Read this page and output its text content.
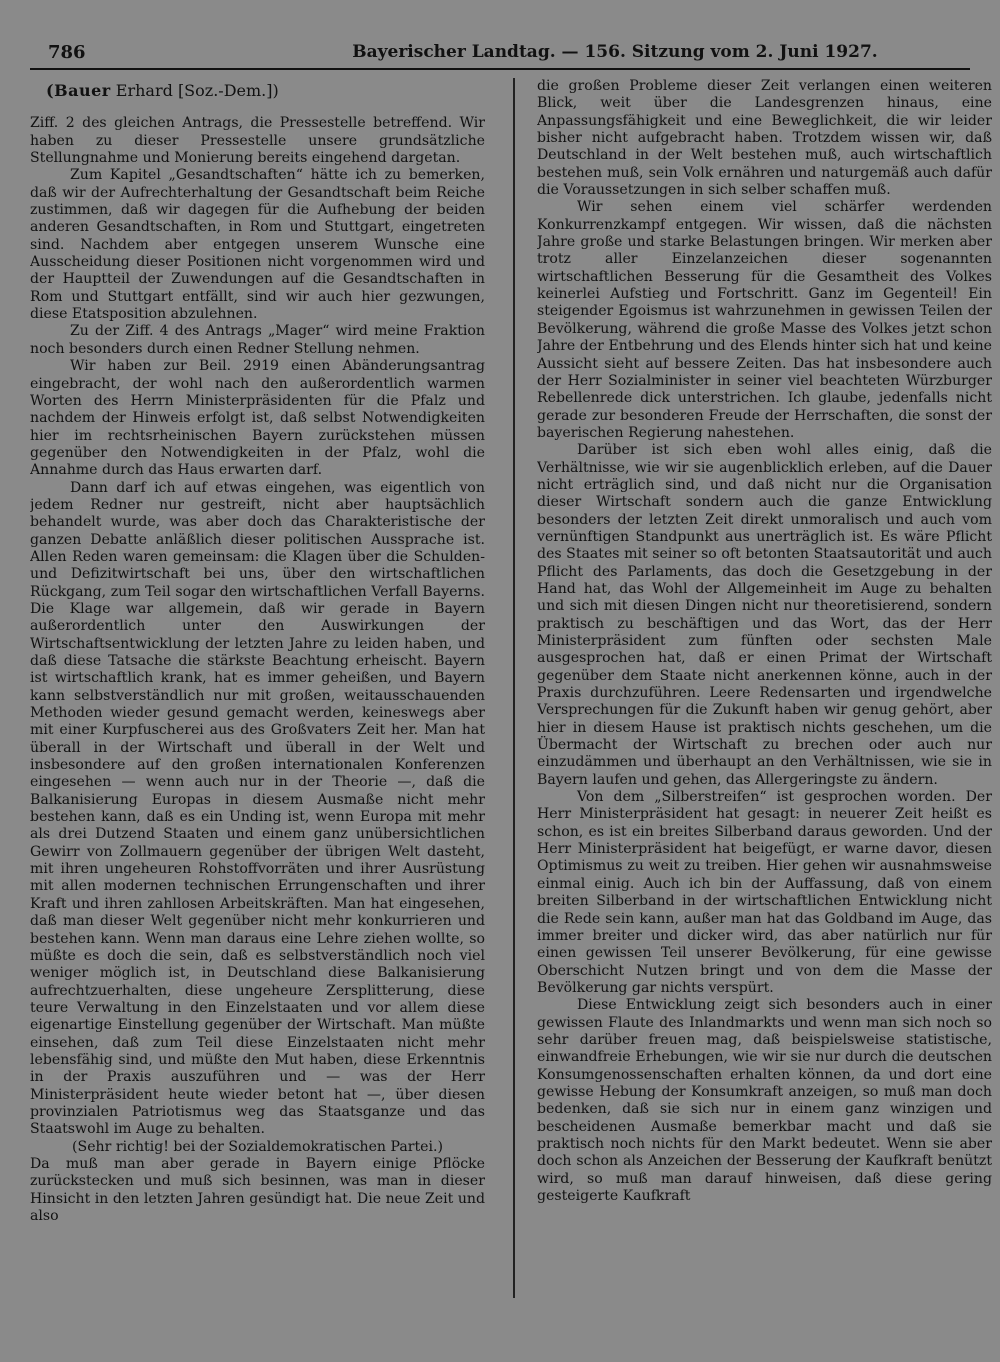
786	Bayerischer Landtag. — 156. Sitzung vom 2. Juni 1927.

(Bauer Erhard [Soz.-Dem.])

Ziff. 2 des gleichen Antrags, die Pressestelle betreffend. Wir haben zu dieser Pressestelle unsere grundsätzliche Stellungnahme und Monierung bereits eingehend dargetan.

Zum Kapitel „Gesandtschaften“ hätte ich zu bemerken, daß wir der Aufrechterhaltung der Gesandtschaft beim Reiche zustimmen, daß wir dagegen für die Aufhebung der beiden anderen Gesandtschaften, in Rom und Stuttgart, eingetreten sind. Nachdem aber entgegen unserem Wunsche eine Ausscheidung dieser Positionen nicht vorgenommen wird und der Hauptteil der Zuwendungen auf die Gesandtschaften in Rom und Stuttgart entfällt, sind wir auch hier gezwungen, diese Etatsposition abzulehnen.

Zu der Ziff. 4 des Antrags „Mager“ wird meine Fraktion noch besonders durch einen Redner Stellung nehmen.

Wir haben zur Beil. 2919 einen Abänderungsantrag eingebracht, der wohl nach den außerordentlich warmen Worten des Herrn Ministerpräsidenten für die Pfalz und nachdem der Hinweis erfolgt ist, daß selbst Notwendigkeiten hier im rechtsrheinischen Bayern zurückstehen müssen gegenüber den Notwendigkeiten in der Pfalz, wohl die Annahme durch das Haus erwarten darf.

Dann darf ich auf etwas eingehen, was eigentlich von jedem Redner nur gestreift, nicht aber hauptsächlich behandelt wurde, was aber doch das Charakteristische der ganzen Debatte anläßlich dieser politischen Aussprache ist. Allen Reden waren gemeinsam: die Klagen über die Schulden- und Defizitwirtschaft bei uns, über den wirtschaftlichen Rückgang, zum Teil sogar den wirtschaftlichen Verfall Bayerns. Die Klage war allgemein, daß wir gerade in Bayern außerordentlich unter den Auswirkungen der Wirtschaftsentwicklung der letzten Jahre zu leiden haben, und daß diese Tatsache die stärkste Beachtung erheischt. Bayern ist wirtschaftlich krank, hat es immer geheißen, und Bayern kann selbstverständlich nur mit großen, weitausschauenden Methoden wieder gesund gemacht werden, keineswegs aber mit einer Kurpfuscherei aus des Großvaters Zeit her. Man hat überall in der Wirtschaft und überall in der Welt und insbesondere auf den großen internationalen Konferenzen eingesehen — wenn auch nur in der Theorie —, daß die Balkanisierung Europas in diesem Ausmaße nicht mehr bestehen kann, daß es ein Unding ist, wenn Europa mit mehr als drei Dutzend Staaten und einem ganz unübersichtlichen Gewirr von Zollmauern gegenüber der übrigen Welt dasteht, mit ihren ungeheuren Rohstoffvorräten und ihrer Ausrüstung mit allen modernen technischen Errungenschaften und ihrer Kraft und ihren zahllosen Arbeitskräften. Man hat eingesehen, daß man dieser Welt gegenüber nicht mehr konkurrieren und bestehen kann. Wenn man daraus eine Lehre ziehen wollte, so müßte es doch die sein, daß es selbstverständlich noch viel weniger möglich ist, in Deutschland diese Balkanisierung aufrechtzuerhalten, diese ungeheure Zersplitterung, diese teure Verwaltung in den Einzelstaaten und vor allem diese eigenartige Einstellung gegenüber der Wirtschaft. Man müßte einsehen, daß zum Teil diese Einzelstaaten nicht mehr lebensfähig sind, und müßte den Mut haben, diese Erkenntnis in der Praxis auszuführen und — was der Herr Ministerpräsident heute wieder betont hat —, über diesen provinzialen Patriotismus weg das Staatsganze und das Staatswohl im Auge zu behalten.

(Sehr richtig! bei der Sozialdemokratischen Partei.)

Da muß man aber gerade in Bayern einige Pflöcke zurückstecken und muß sich besinnen, was man in dieser Hinsicht in den letzten Jahren gesündigt hat. Die neue Zeit und also

die großen Probleme dieser Zeit verlangen einen weiteren Blick, weit über die Landesgrenzen hinaus, eine Anpassungsfähigkeit und eine Beweglichkeit, die wir leider bisher nicht aufgebracht haben. Trotzdem wissen wir, daß Deutschland in der Welt bestehen muß, auch wirtschaftlich bestehen muß, sein Volk ernähren und naturgemäß auch dafür die Voraussetzungen in sich selber schaffen muß.

Wir sehen einem viel schärfer werdenden Konkurrenzkampf entgegen. Wir wissen, daß die nächsten Jahre große und starke Belastungen bringen. Wir merken aber trotz aller Einzelanzeichen dieser sogenannten wirtschaftlichen Besserung für die Gesamtheit des Volkes keinerlei Aufstieg und Fortschritt. Ganz im Gegenteil! Ein steigender Egoismus ist wahrzunehmen in gewissen Teilen der Bevölkerung, während die große Masse des Volkes jetzt schon Jahre der Entbehrung und des Elends hinter sich hat und keine Aussicht sieht auf bessere Zeiten. Das hat insbesondere auch der Herr Sozialminister in seiner viel beachteten Würzburger Rebellenrede dick unterstrichen. Ich glaube, jedenfalls nicht gerade zur besonderen Freude der Herrschaften, die sonst der bayerischen Regierung nahestehen.

Darüber ist sich eben wohl alles einig, daß die Verhältnisse, wie wir sie augenblicklich erleben, auf die Dauer nicht erträglich sind, und daß nicht nur die Organisation dieser Wirtschaft sondern auch die ganze Entwicklung besonders der letzten Zeit direkt unmoralisch und auch vom vernünftigen Standpunkt aus unerträglich ist. Es wäre Pflicht des Staates mit seiner so oft betonten Staatsautorität und auch Pflicht des Parlaments, das doch die Gesetzgebung in der Hand hat, das Wohl der Allgemeinheit im Auge zu behalten und sich mit diesen Dingen nicht nur theoretisierend, sondern praktisch zu beschäftigen und das Wort, das der Herr Ministerpräsident zum fünften oder sechsten Male ausgesprochen hat, daß er einen Primat der Wirtschaft gegenüber dem Staate nicht anerkennen könne, auch in der Praxis durchzuführen. Leere Redensarten und irgendwelche Versprechungen für die Zukunft haben wir genug gehört, aber hier in diesem Hause ist praktisch nichts geschehen, um die Übermacht der Wirtschaft zu brechen oder auch nur einzudämmen und überhaupt an den Verhältnissen, wie sie in Bayern laufen und gehen, das Allergeringste zu ändern.

Von dem „Silberstreifen“ ist gesprochen worden. Der Herr Ministerpräsident hat gesagt: in neuerer Zeit heißt es schon, es ist ein breites Silberband daraus geworden. Und der Herr Ministerpräsident hat beigefügt, er warne davor, diesen Optimismus zu weit zu treiben. Hier gehen wir ausnahmsweise einmal einig. Auch ich bin der Auffassung, daß von einem breiten Silberband in der wirtschaftlichen Entwicklung nicht die Rede sein kann, außer man hat das Goldband im Auge, das immer breiter und dicker wird, das aber natürlich nur für einen gewissen Teil unserer Bevölkerung, für eine gewisse Oberschicht Nutzen bringt und von dem die Masse der Bevölkerung gar nichts verspürt.

Diese Entwicklung zeigt sich besonders auch in einer gewissen Flaute des Inlandmarkts und wenn man sich noch so sehr darüber freuen mag, daß beispielsweise statistische, einwandfreie Erhebungen, wie wir sie nur durch die deutschen Konsumgenossenschaften erhalten können, da und dort eine gewisse Hebung der Konsumkraft anzeigen, so muß man doch bedenken, daß sie sich nur in einem ganz winzigen und bescheidenen Ausmaße bemerkbar macht und daß sie praktisch noch nichts für den Markt bedeutet. Wenn sie aber doch schon als Anzeichen der Besserung der Kaufkraft benützt wird, so muß man darauf hinweisen, daß diese gering gesteigerte Kaufkraft
